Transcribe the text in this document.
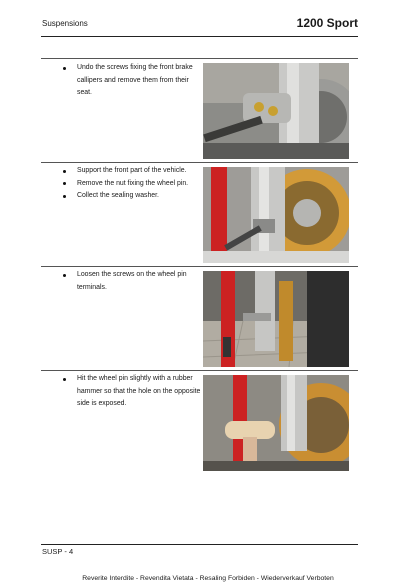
Suspensions	1200 Sport
Undo the screws fixing the front brake callipers and remove them from their seat.
Support the front part of the vehicle.
Remove the nut fixing the wheel pin.
Collect the sealing washer.
Loosen the screws on the wheel pin terminals.
Hit the wheel pin slightly with a rubber hammer so that the hole on the opposite side is exposed.
SUSP - 4
Reverite Interdite - Revendita Vietata - Resaling Forbiden - Wiederverkauf Verboten
